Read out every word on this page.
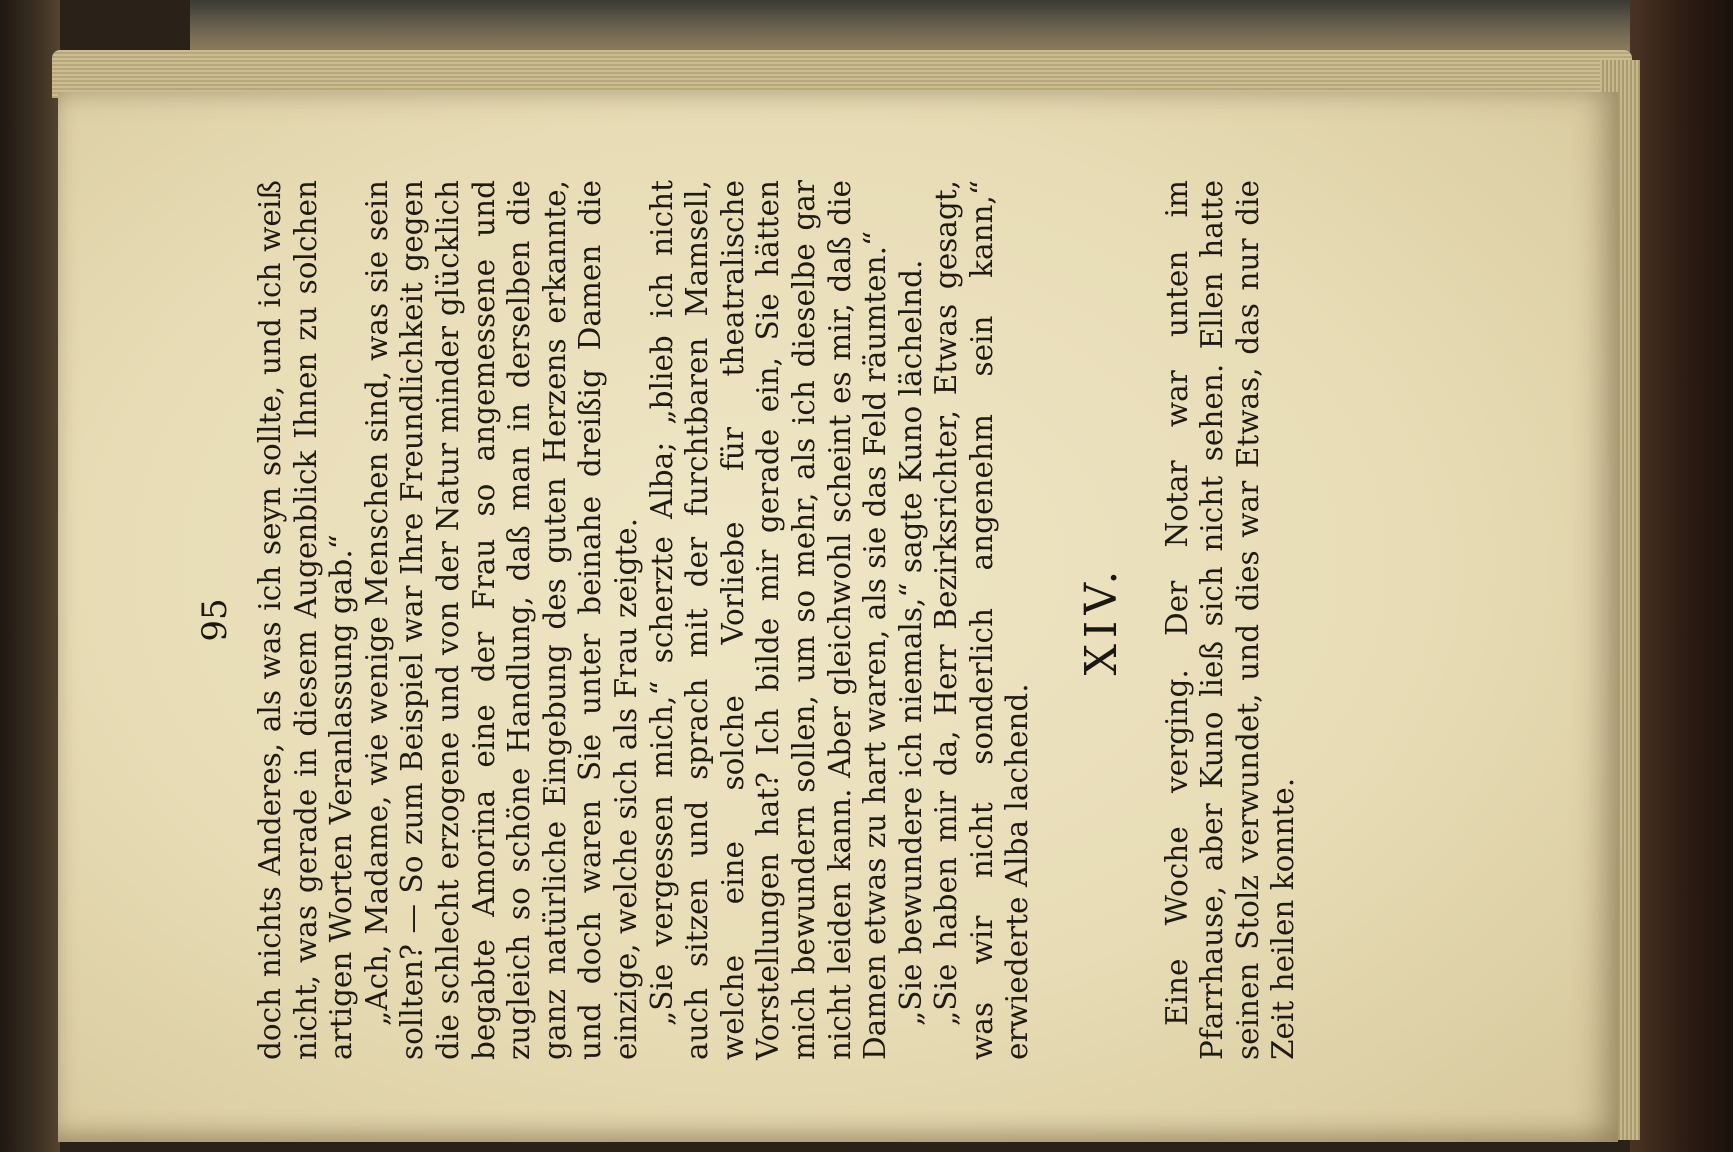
95 doch nichts Anderes, als was ich seyn sollte, und ich weiß nicht, was gerade in diesem Augenblick Ihnen zu solchen artigen Worten Veranlassung gab.“ „Ach, Madame, wie wenige Menschen sind, was sie sein sollten? — So zum Beispiel war Ihre Freundlichkeit gegen die schlecht erzogene und von der Natur minder glücklich begabte Amorina eine der Frau so angemessene und zugleich so schöne Handlung, daß man in derselben die ganz natürliche Eingebung des guten Herzens erkannte, und doch waren Sie unter beinahe dreißig Damen die einzige, welche sich als Frau zeigte. „Sie vergessen mich,“ scherzte Alba; „blieb ich nicht auch sitzen und sprach mit der furchtbaren Mamsell, welche eine solche Vorliebe für theatralische Vorstellungen hat? Ich bilde mir gerade ein, Sie hätten mich bewundern sollen, um so mehr, als ich dieselbe gar nicht leiden kann. Aber gleichwohl scheint es mir, daß die Damen etwas zu hart waren, als sie das Feld räumten.“ „Sie bewundere ich niemals,“ sagte Kuno lächelnd. „Sie haben mir da, Herr Bezirksrichter, Etwas gesagt, was wir nicht sonderlich angenehm sein kann,“ erwiederte Alba lachend.

XIV. Eine Woche verging. Der Notar war unten im Pfarrhause, aber Kuno ließ sich nicht sehen. Ellen hatte seinen Stolz verwundet, und dies war Etwas, das nur die Zeit heilen konnte.
